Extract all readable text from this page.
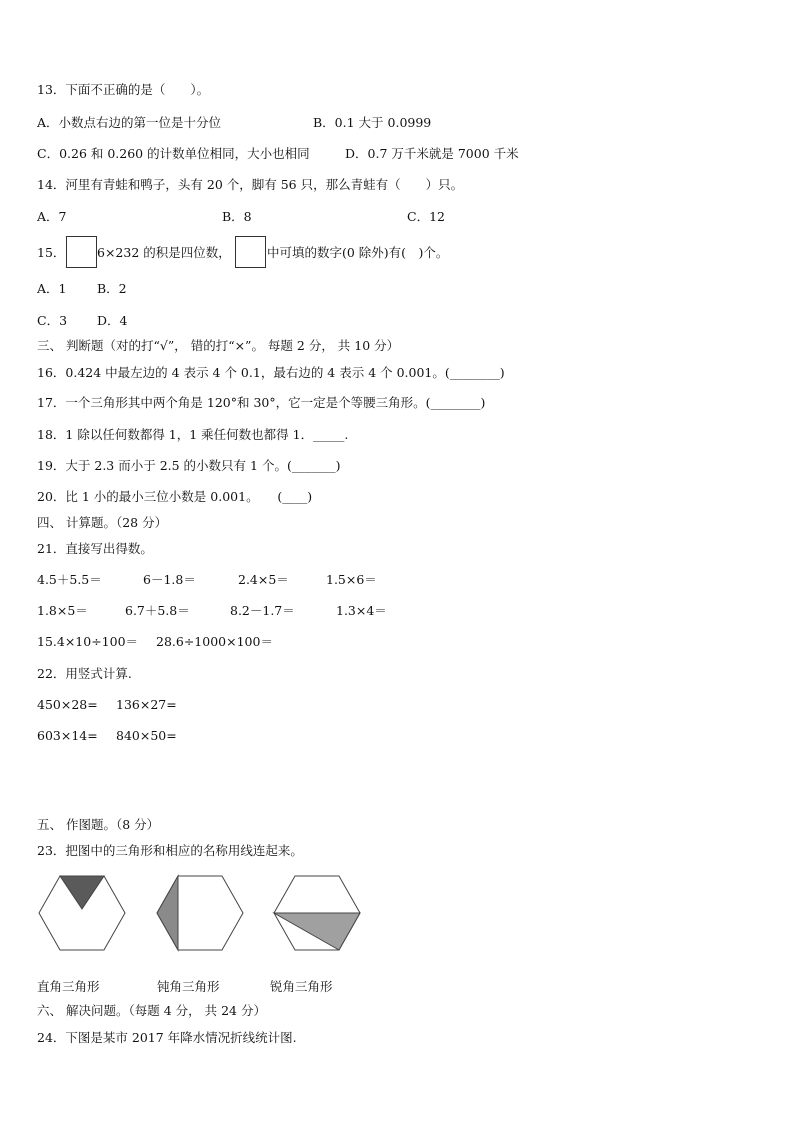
13．下面不正确的是（　　）。
A．小数点右边的第一位是十分位	B．0.1 大于 0.0999
C．0.26 和 0.260 的计数单位相同，大小也相同	D．0.7 万千米就是 7000 千米
14．河里有青蛙和鸭子，头有 20 个，脚有 56 只，那么青蛙有（　　）只。
A．7	B．8	C．12
15．	6×232 的积是四位数，	中可填的数字(0 除外)有(　)个。
A．1 B．2
C．3 D．4
三、 判断题（对的打“√”， 错的打“×”。 每题 2 分， 共 10 分）
16．0.424 中最左边的 4 表示 4 个 0.1，最右边的 4 表示 4 个 0.001。(________)
17．一个三角形其中两个角是 120°和 30°，它一定是个等腰三角形。(________)
18．1 除以任何数都得 1，1 乘任何数也都得 1．_____.
19．大于 2.3 而小于 2.5 的小数只有 1 个。(_______)
20．比 1 小的最小三位小数是 0.001。　　(____)
四、 计算题。（28 分）
21．直接写出得数。
4.5＋5.5＝	6－1.8＝	2.4×5＝	1.5×6＝
1.8×5＝	6.7＋5.8＝	8.2－1.7＝	1.3×4＝
15.4×10÷100＝ 28.6÷1000×100＝
22．用竖式计算.
450×28= 136×27=
603×14= 840×50=
五、 作图题。（8 分）
23．把图中的三角形和相应的名称用线连起来。
直角三角形	钝角三角形	锐角三角形
六、 解决问题。（每题 4 分， 共 24 分）
24．下图是某市 2017 年降水情况折线统计图.
